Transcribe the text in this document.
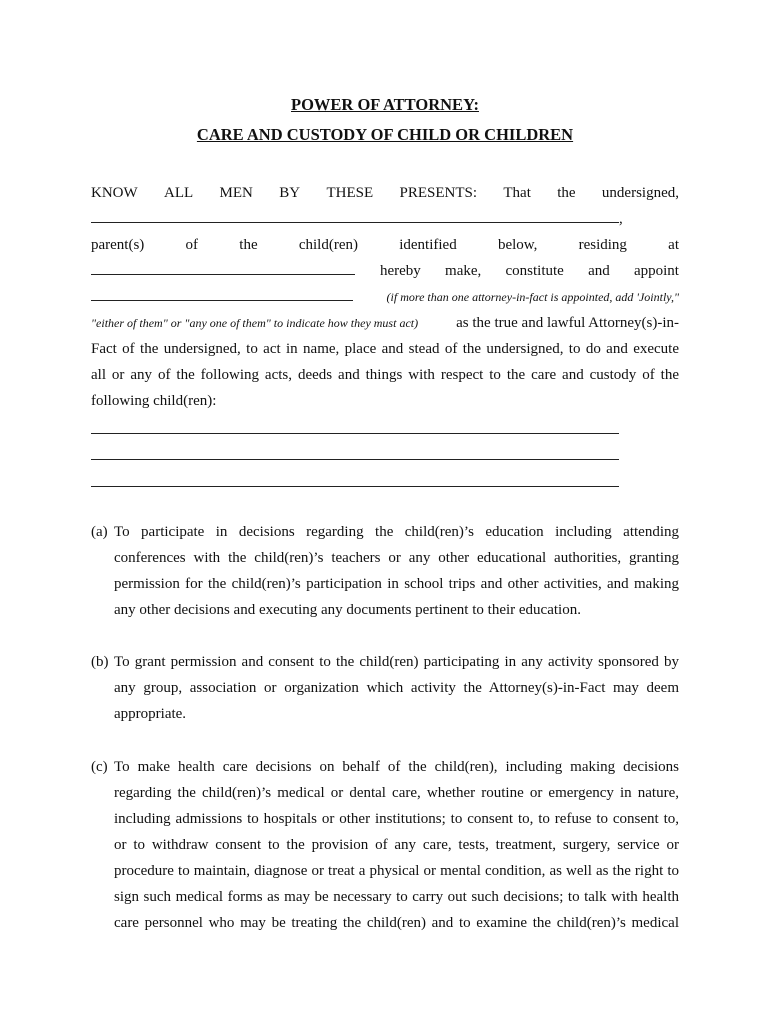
POWER OF ATTORNEY:
CARE AND CUSTODY OF CHILD OR CHILDREN
KNOW ALL MEN BY THESE PRESENTS: That the undersigned,
,
parent(s)	of	the	child(ren)	identified	below,	residing	at
hereby make, constitute and appoint
(if more than one attorney-in-fact is appointed, add 'Jointly,"
"either of them" or "any one of them" to indicate how they must act)	as the true and lawful Attorney(s)-in-
Fact of the undersigned, to act in name, place and stead of the undersigned, to do and execute
all or any of the following acts, deeds and things with respect to the care and custody of the
following child(ren):
(a) To participate in decisions regarding the child(ren)’s education including attending
conferences with the child(ren)’s teachers or any other educational authorities, granting
permission for the child(ren)’s participation in school trips and other activities, and making
any other decisions and executing any documents pertinent to their education.
(b) To grant permission and consent to the child(ren) participating in any activity sponsored by
any group, association or organization which activity the Attorney(s)-in-Fact may deem
appropriate.
(c) To make health care decisions on behalf of the child(ren), including making decisions
regarding the child(ren)’s medical or dental care, whether routine or emergency in nature,
including admissions to hospitals or other institutions; to consent to, to refuse to consent to,
or to withdraw consent to the provision of any care, tests, treatment, surgery, service or
procedure to maintain, diagnose or treat a physical or mental condition, as well as the right to
sign such medical forms as may be necessary to carry out such decisions; to talk with health
care personnel who may be treating the child(ren) and to examine the child(ren)’s medical
